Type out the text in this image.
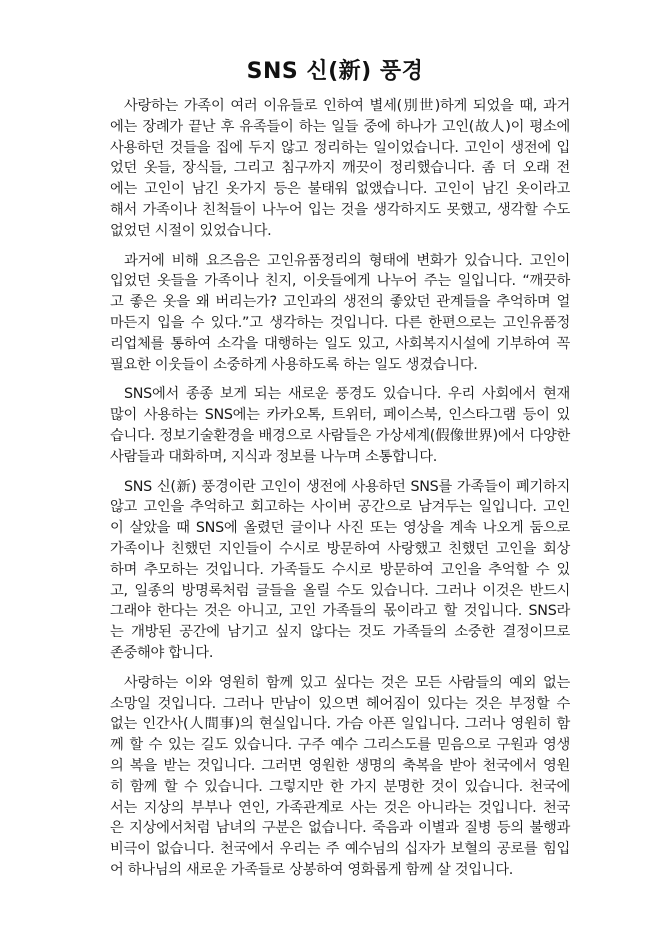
SNS 신(新) 풍경
사랑하는 가족이 여러 이유들로 인하여 별세(別世)하게 되었을 때, 과거
에는 장례가 끝난 후 유족들이 하는 일들 중에 하나가 고인(故人)이 평소에
사용하던 것들을 집에 두지 않고 정리하는 일이었습니다. 고인이 생전에 입
었던 옷들, 장식들, 그리고 침구까지 깨끗이 정리했습니다. 좀 더 오래 전
에는 고인이 남긴 옷가지 등은 불태워 없앴습니다. 고인이 남긴 옷이라고
해서 가족이나 친척들이 나누어 입는 것을 생각하지도 못했고, 생각할 수도
없었던 시절이 있었습니다.
과거에 비해 요즈음은 고인유품정리의 형태에 변화가 있습니다. 고인이
입었던 옷들을 가족이나 친지, 이웃들에게 나누어 주는 일입니다. “깨끗하
고 좋은 옷을 왜 버리는가? 고인과의 생전의 좋았던 관계들을 추억하며 얼
마든지 입을 수 있다.”고 생각하는 것입니다. 다른 한편으로는 고인유품정
리업체를 통하여 소각을 대행하는 일도 있고, 사회복지시설에 기부하여 꼭
필요한 이웃들이 소중하게 사용하도록 하는 일도 생겼습니다.
SNS에서 종종 보게 되는 새로운 풍경도 있습니다. 우리 사회에서 현재
많이 사용하는 SNS에는 카카오톡, 트위터, 페이스북, 인스타그램 등이 있
습니다. 정보기술환경을 배경으로 사람들은 가상세계(假像世界)에서 다양한
사람들과 대화하며, 지식과 정보를 나누며 소통합니다.
SNS 신(新) 풍경이란 고인이 생전에 사용하던 SNS를 가족들이 폐기하지
않고 고인을 추억하고 회고하는 사이버 공간으로 남겨두는 일입니다. 고인
이 살았을 때 SNS에 올렸던 글이나 사진 또는 영상을 계속 나오게 둠으로
가족이나 친했던 지인들이 수시로 방문하여 사랑했고 친했던 고인을 회상
하며 추모하는 것입니다. 가족들도 수시로 방문하여 고인을 추억할 수 있
고, 일종의 방명록처럼 글들을 올릴 수도 있습니다. 그러나 이것은 반드시
그래야 한다는 것은 아니고, 고인 가족들의 몫이라고 할 것입니다. SNS라
는 개방된 공간에 남기고 싶지 않다는 것도 가족들의 소중한 결정이므로
존중해야 합니다.
사랑하는 이와 영원히 함께 있고 싶다는 것은 모든 사람들의 예외 없는
소망일 것입니다. 그러나 만남이 있으면 헤어짐이 있다는 것은 부정할 수
없는 인간사(人間事)의 현실입니다. 가슴 아픈 일입니다. 그러나 영원히 함
께 할 수 있는 길도 있습니다. 구주 예수 그리스도를 믿음으로 구원과 영생
의 복을 받는 것입니다. 그러면 영원한 생명의 축복을 받아 천국에서 영원
히 함께 할 수 있습니다. 그렇지만 한 가지 분명한 것이 있습니다. 천국에
서는 지상의 부부나 연인, 가족관계로 사는 것은 아니라는 것입니다. 천국
은 지상에서처럼 남녀의 구분은 없습니다. 죽음과 이별과 질병 등의 불행과
비극이 없습니다. 천국에서 우리는 주 예수님의 십자가 보혈의 공로를 힘입
어 하나님의 새로운 가족들로 상봉하여 영화롭게 함께 살 것입니다.
